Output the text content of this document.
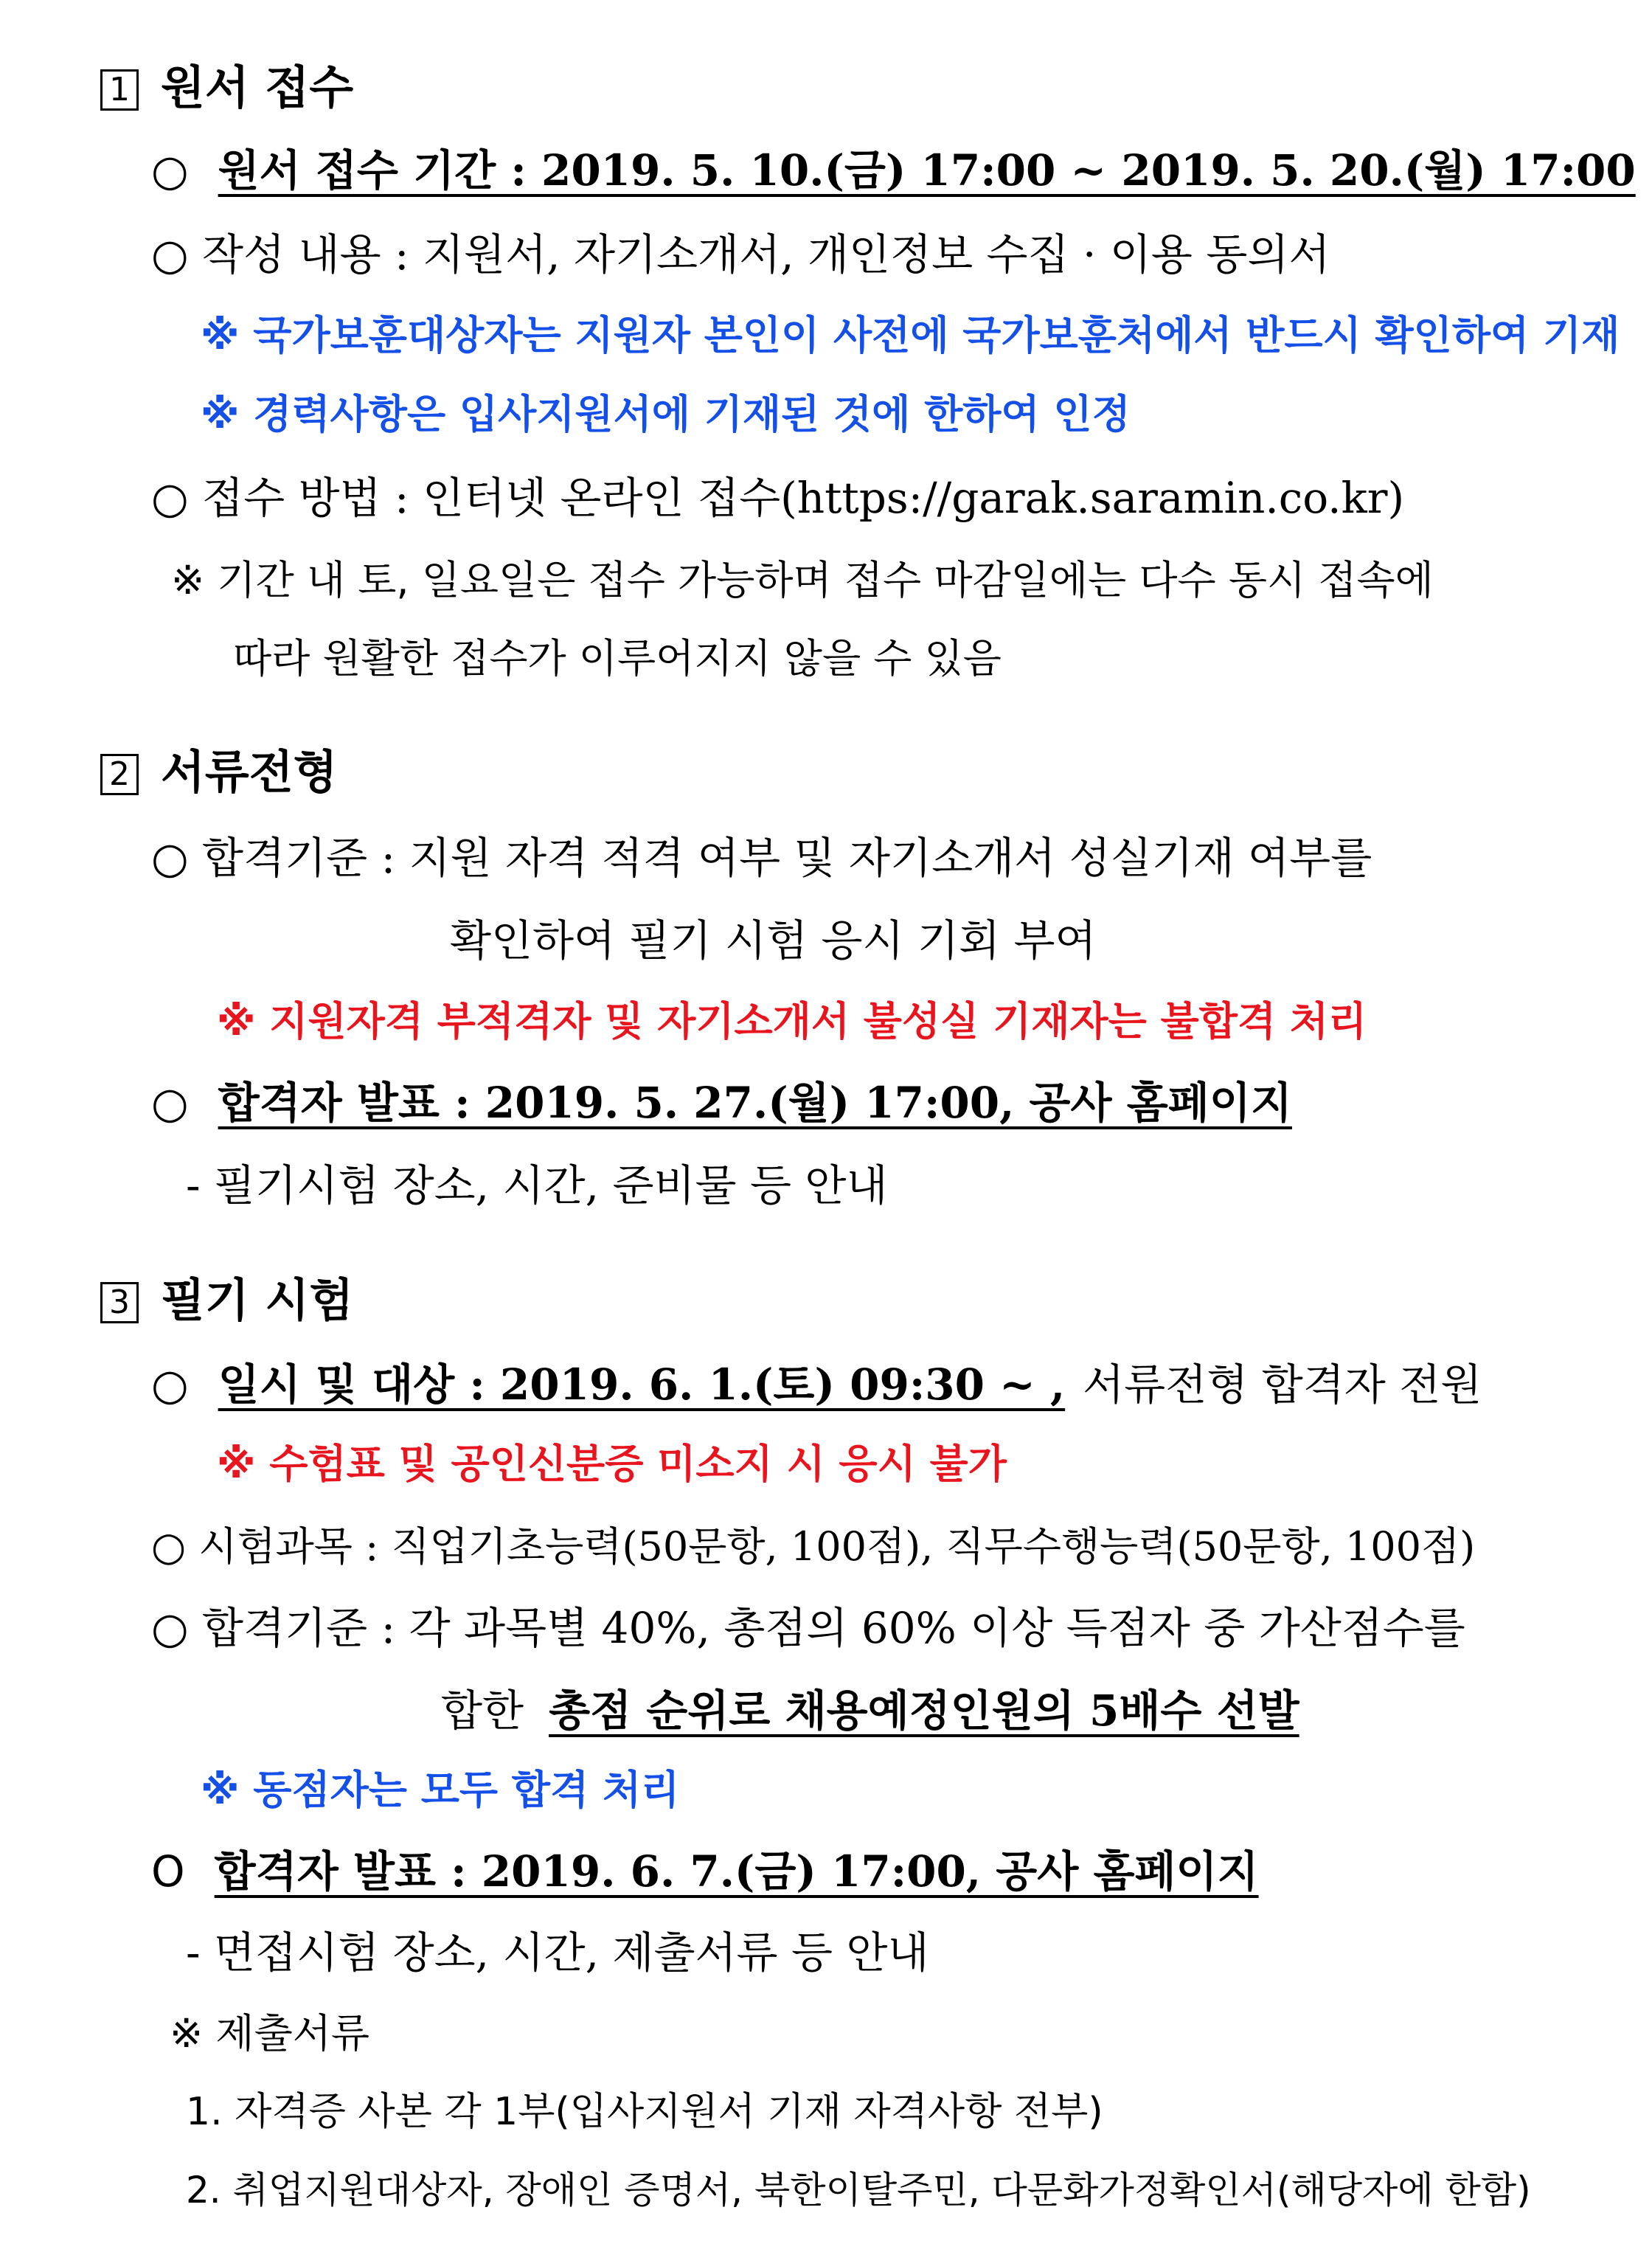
1 원서 접수
○ 원서 접수 기간 : 2019. 5. 10.(금) 17:00 ~ 2019. 5. 20.(월) 17:00
○ 작성 내용 : 지원서, 자기소개서, 개인정보 수집 · 이용 동의서
※ 국가보훈대상자는 지원자 본인이 사전에 국가보훈처에서 반드시 확인하여 기재
※ 경력사항은 입사지원서에 기재된 것에 한하여 인정
○ 접수 방법 : 인터넷 온라인 접수(https://garak.saramin.co.kr)
※ 기간 내 토, 일요일은 접수 가능하며 접수 마감일에는 다수 동시 접속에
따라 원활한 접수가 이루어지지 않을 수 있음
2 서류전형
○ 합격기준 : 지원 자격 적격 여부 및 자기소개서 성실기재 여부를
확인하여 필기 시험 응시 기회 부여
※ 지원자격 부적격자 및 자기소개서 불성실 기재자는 불합격 처리
○ 합격자 발표 : 2019. 5. 27.(월) 17:00, 공사 홈페이지
- 필기시험 장소, 시간, 준비물 등 안내
3 필기 시험
○ 일시 및 대상 : 2019. 6. 1.(토) 09:30 ~ , 서류전형 합격자 전원
※ 수험표 및 공인신분증 미소지 시 응시 불가
○ 시험과목 : 직업기초능력(50문항, 100점), 직무수행능력(50문항, 100점)
○ 합격기준 : 각 과목별 40%, 총점의 60% 이상 득점자 중 가산점수를
합한 총점 순위로 채용예정인원의 5배수 선발
※ 동점자는 모두 합격 처리
O 합격자 발표 : 2019. 6. 7.(금) 17:00, 공사 홈페이지
- 면접시험 장소, 시간, 제출서류 등 안내
※ 제출서류
1. 자격증 사본 각 1부(입사지원서 기재 자격사항 전부)
2. 취업지원대상자, 장애인 증명서, 북한이탈주민, 다문화가정확인서(해당자에 한함)
